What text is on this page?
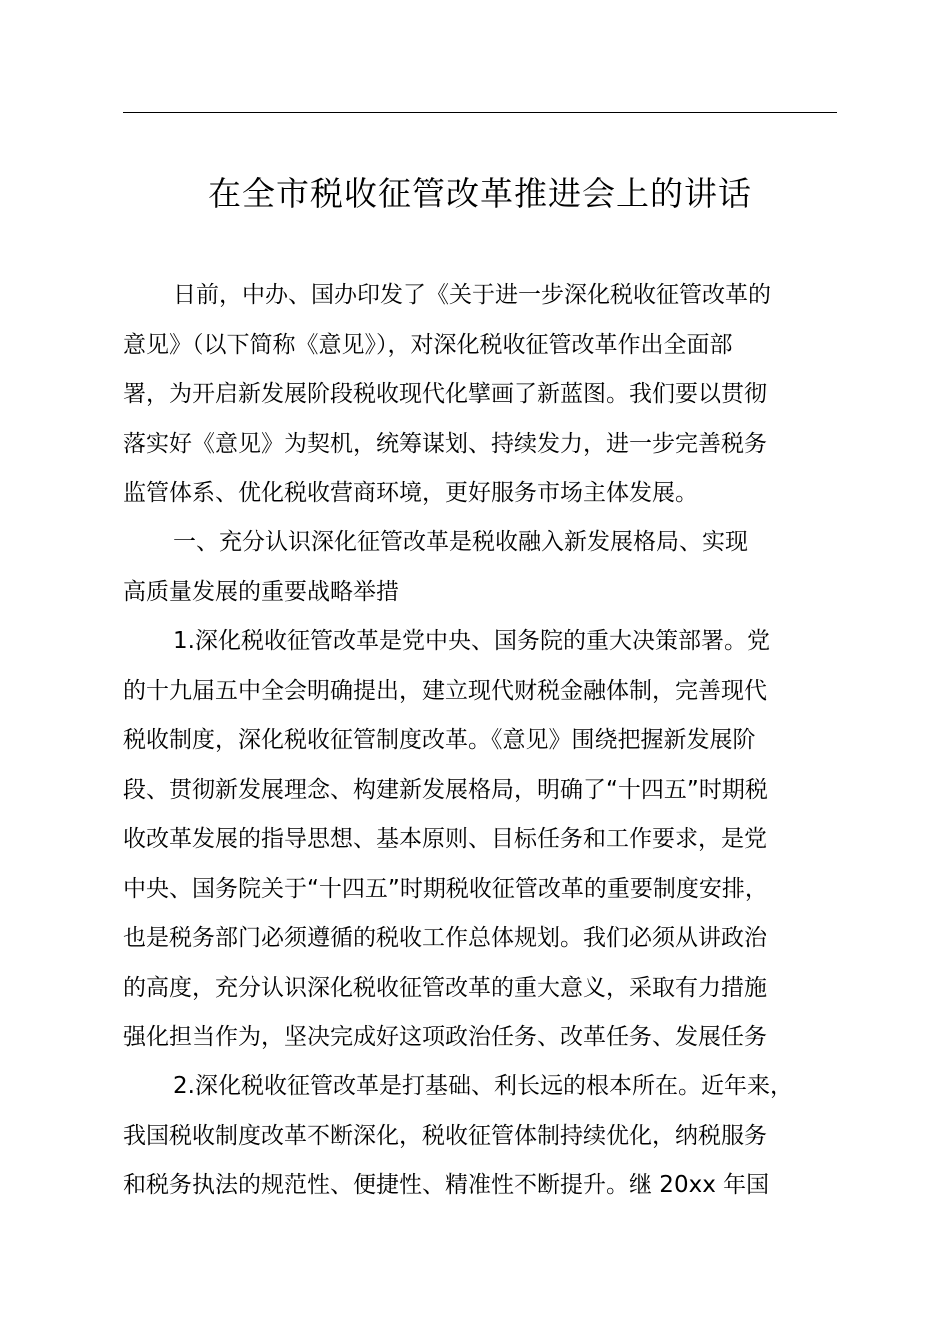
在全市税收征管改革推进会上的讲话
日前，中办、国办印发了《关于进一步深化税收征管改革的
意见》（以下简称《意见》），对深化税收征管改革作出全面部
署，为开启新发展阶段税收现代化擘画了新蓝图。我们要以贯彻
落实好《意见》为契机，统筹谋划、持续发力，进一步完善税务
监管体系、优化税收营商环境，更好服务市场主体发展。
一、充分认识深化征管改革是税收融入新发展格局、实现
高质量发展的重要战略举措
1.深化税收征管改革是党中央、国务院的重大决策部署。党
的十九届五中全会明确提出，建立现代财税金融体制，完善现代
税收制度，深化税收征管制度改革。《意见》围绕把握新发展阶
段、贯彻新发展理念、构建新发展格局，明确了“十四五”时期税
收改革发展的指导思想、基本原则、目标任务和工作要求，是党
中央、国务院关于“十四五”时期税收征管改革的重要制度安排，
也是税务部门必须遵循的税收工作总体规划。我们必须从讲政治
的高度，充分认识深化税收征管改革的重大意义，采取有力措施
强化担当作为，坚决完成好这项政治任务、改革任务、发展任务
2.深化税收征管改革是打基础、利长远的根本所在。近年来，
我国税收制度改革不断深化，税收征管体制持续优化，纳税服务
和税务执法的规范性、便捷性、精准性不断提升。继 20xx 年国
